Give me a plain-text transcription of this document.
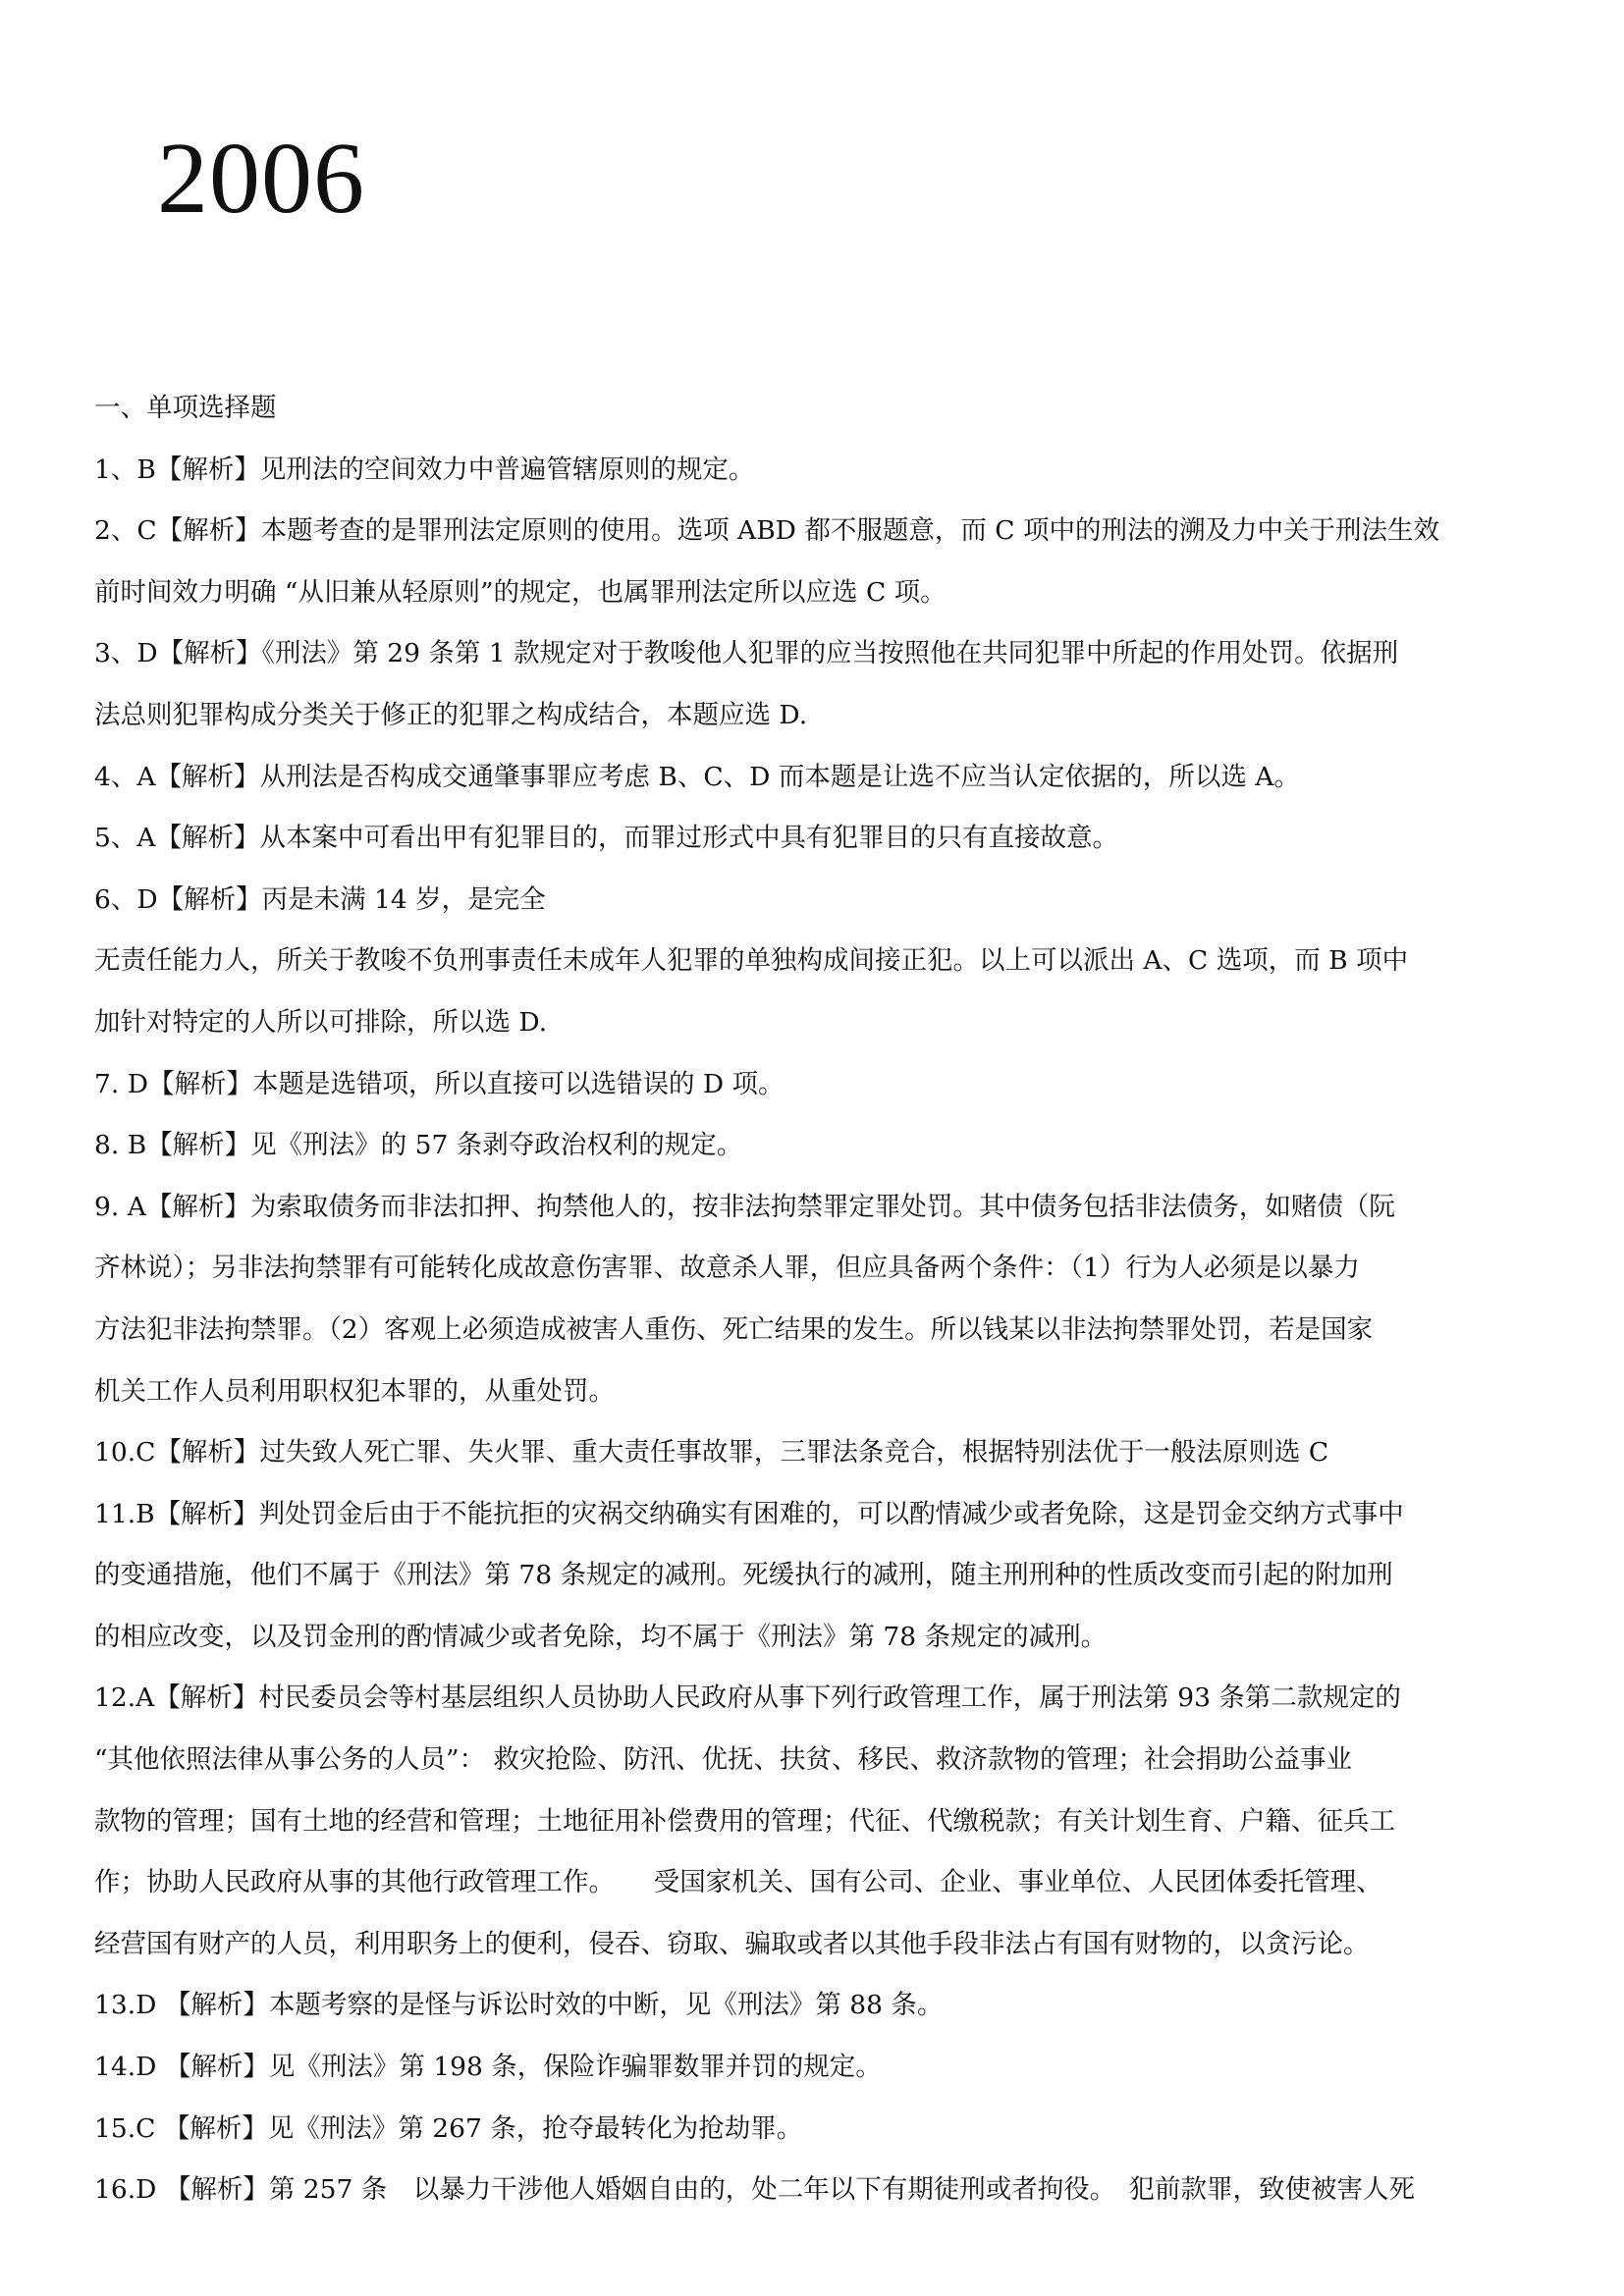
2006
一、单项选择题
1、B【解析】见刑法的空间效力中普遍管辖原则的规定。
2、C【解析】本题考查的是罪刑法定原则的使用。选项 ABD 都不服题意，而 C 项中的刑法的溯及力中关于刑法生效
前时间效力明确 “从旧兼从轻原则”的规定，也属罪刑法定所以应选 C 项。
3、D【解析】《刑法》第 29 条第 1 款规定对于教唆他人犯罪的应当按照他在共同犯罪中所起的作用处罚。依据刑
法总则犯罪构成分类关于修正的犯罪之构成结合，本题应选 D.
4、A【解析】从刑法是否构成交通肇事罪应考虑 B、C、D 而本题是让选不应当认定依据的，所以选 A。
5、A【解析】从本案中可看出甲有犯罪目的，而罪过形式中具有犯罪目的只有直接故意。
6、D【解析】丙是未满 14 岁，是完全
无责任能力人，所关于教唆不负刑事责任未成年人犯罪的单独构成间接正犯。以上可以派出 A、C 选项，而 B 项中
加针对特定的人所以可排除，所以选 D.
7. D【解析】本题是选错项，所以直接可以选错误的 D 项。
8. B【解析】见《刑法》的 57 条剥夺政治权利的规定。
9. A【解析】为索取债务而非法扣押、拘禁他人的，按非法拘禁罪定罪处罚。其中债务包括非法债务，如赌债（阮
齐林说）；另非法拘禁罪有可能转化成故意伤害罪、故意杀人罪，但应具备两个条件：（1）行为人必须是以暴力
方法犯非法拘禁罪。（2）客观上必须造成被害人重伤、死亡结果的发生。所以钱某以非法拘禁罪处罚，若是国家
机关工作人员利用职权犯本罪的，从重处罚。
10.C【解析】过失致人死亡罪、失火罪、重大责任事故罪，三罪法条竞合，根据特别法优于一般法原则选 C
11.B【解析】判处罚金后由于不能抗拒的灾祸交纳确实有困难的，可以酌情减少或者免除，这是罚金交纳方式事中
的变通措施，他们不属于《刑法》第 78 条规定的减刑。死缓执行的减刑，随主刑刑种的性质改变而引起的附加刑
的相应改变，以及罚金刑的酌情减少或者免除，均不属于《刑法》第 78 条规定的减刑。
12.A【解析】村民委员会等村基层组织人员协助人民政府从事下列行政管理工作，属于刑法第 93 条第二款规定的
“其他依照法律从事公务的人员”： 救灾抢险、防汛、优抚、扶贫、移民、救济款物的管理；社会捐助公益事业
款物的管理；国有土地的经营和管理；土地征用补偿费用的管理；代征、代缴税款；有关计划生育、户籍、征兵工
作；协助人民政府从事的其他行政管理工作。　　受国家机关、国有公司、企业、事业单位、人民团体委托管理、
经营国有财产的人员，利用职务上的便利，侵吞、窃取、骗取或者以其他手段非法占有国有财物的，以贪污论。
13.D 【解析】本题考察的是怪与诉讼时效的中断，见《刑法》第 88 条。
14.D 【解析】见《刑法》第 198 条，保险诈骗罪数罪并罚的规定。
15.C 【解析】见《刑法》第 267 条，抢夺最转化为抢劫罪。
16.D 【解析】第 257 条　以暴力干涉他人婚姻自由的，处二年以下有期徒刑或者拘役。　犯前款罪，致使被害人死
